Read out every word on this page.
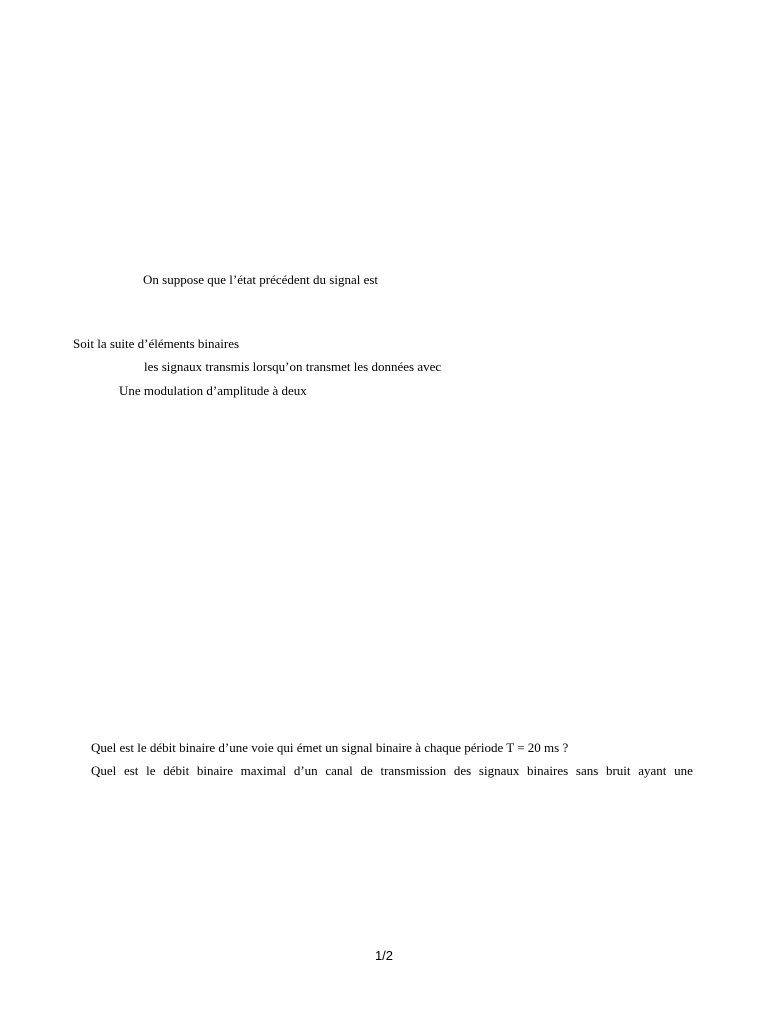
On suppose que l’état précédent du signal est
Soit la suite d’éléments binaires
les signaux transmis lorsqu’on transmet les données avec
Une modulation d’amplitude à deux
Quel est le débit binaire d’une voie qui émet un signal binaire à chaque période T = 20 ms ?
Quel est le débit binaire maximal d’un canal de transmission des signaux binaires sans bruit ayant une
1/2
